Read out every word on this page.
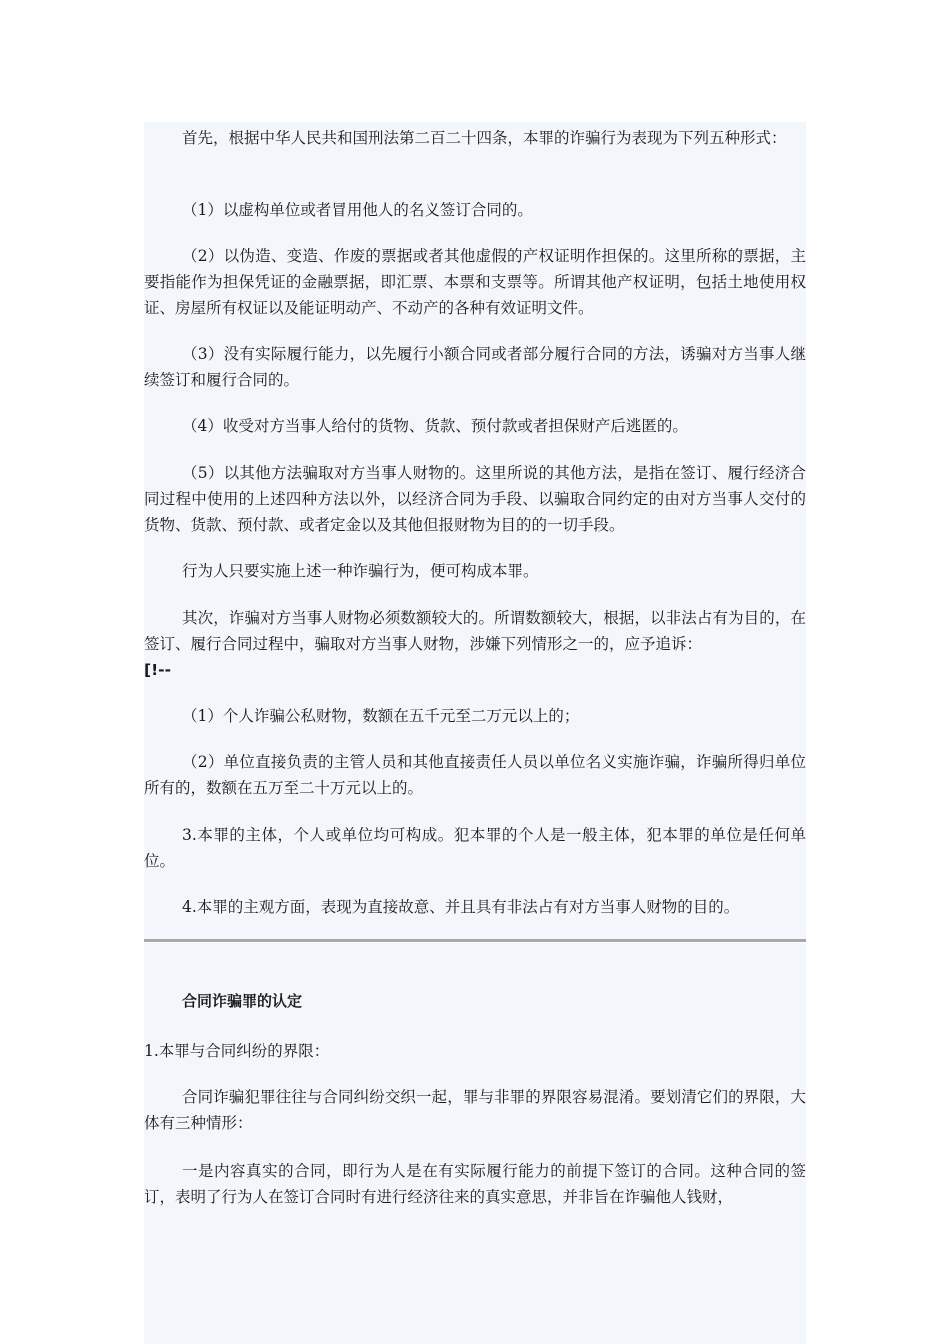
首先，根据中华人民共和国刑法第二百二十四条，本罪的诈骗行为表现为下列五种形式：

（1）以虚构单位或者冒用他人的名义签订合同的。

（2）以伪造、变造、作废的票据或者其他虚假的产权证明作担保的。这里所称的票据，主要指能作为担保凭证的金融票据，即汇票、本票和支票等。所谓其他产权证明，包括土地使用权证、房屋所有权证以及能证明动产、不动产的各种有效证明文件。

（3）没有实际履行能力，以先履行小额合同或者部分履行合同的方法，诱骗对方当事人继续签订和履行合同的。

（4）收受对方当事人给付的货物、货款、预付款或者担保财产后逃匿的。

（5）以其他方法骗取对方当事人财物的。这里所说的其他方法，是指在签订、履行经济合同过程中使用的上述四种方法以外，以经济合同为手段、以骗取合同约定的由对方当事人交付的货物、货款、预付款、或者定金以及其他但报财物为目的的一切手段。

行为人只要实施上述一种诈骗行为，便可构成本罪。

其次，诈骗对方当事人财物必须数额较大的。所谓数额较大，根据，以非法占有为目的，在签订、履行合同过程中，骗取对方当事人财物，涉嫌下列情形之一的，应予追诉：

[!--

（1）个人诈骗公私财物，数额在五千元至二万元以上的；

（2）单位直接负责的主管人员和其他直接责任人员以单位名义实施诈骗，诈骗所得归单位所有的，数额在五万至二十万元以上的。

3.本罪的主体，个人或单位均可构成。犯本罪的个人是一般主体，犯本罪的单位是任何单位。

4.本罪的主观方面，表现为直接故意、并且具有非法占有对方当事人财物的目的。

合同诈骗罪的认定

1.本罪与合同纠纷的界限：

合同诈骗犯罪往往与合同纠纷交织一起，罪与非罪的界限容易混淆。要划清它们的界限，大体有三种情形：

一是内容真实的合同，即行为人是在有实际履行能力的前提下签订的合同。这种合同的签订，表明了行为人在签订合同时有进行经济往来的真实意思，并非旨在诈骗他人钱财，
